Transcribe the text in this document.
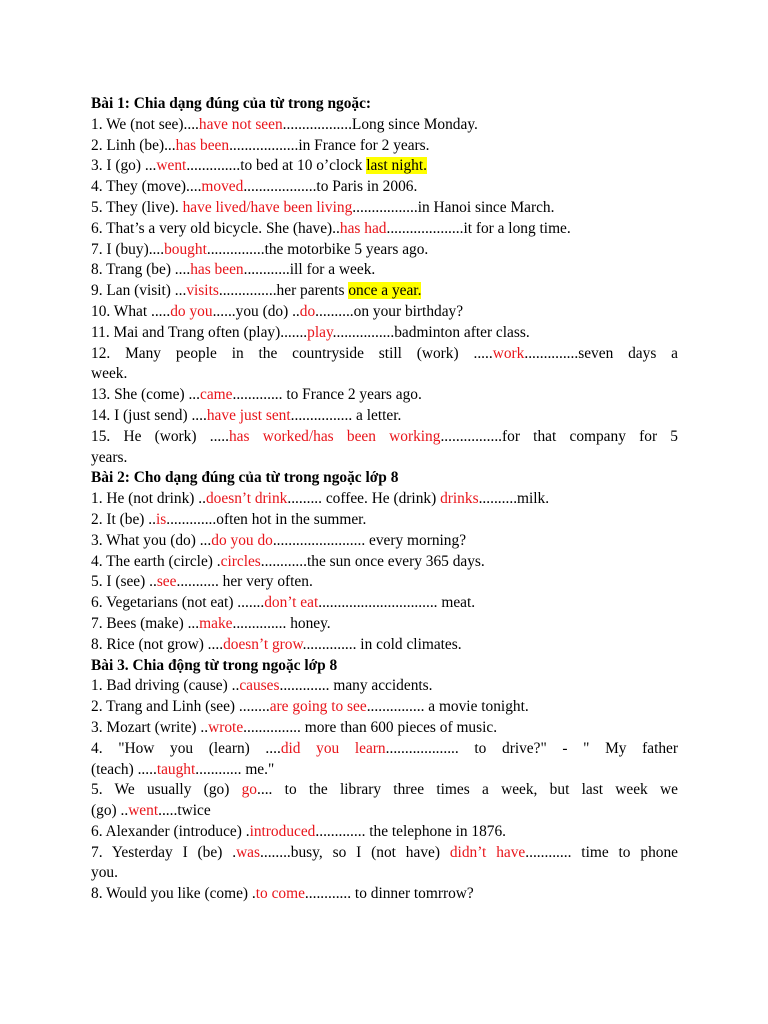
Bài 1: Chia dạng đúng của từ trong ngoặc:
1. We (not see)....have not seen..................Long since Monday.
2. Linh (be)...has been..................in France for 2 years.
3. I (go) ...went..............to bed at 10 o’clock last night.
4. They (move)....moved...................to Paris in 2006.
5. They (live). have lived/have been living.................in Hanoi since March.
6. That’s a very old bicycle. She (have)..has had....................it for a long time.
7. I (buy)....bought...............the motorbike 5 years ago.
8. Trang (be) ....has been............ill for a week.
9. Lan (visit) ...visits...............her parents once a year.
10. What .....do you......you (do) ..do..........on your birthday?
11. Mai and Trang often (play).......play................badminton after class.
12. Many people in the countryside still (work) .....work..............seven days a
week.
13. She (come) ...came............. to France 2 years ago.
14. I (just send) ....have just sent................ a letter.
15. He (work) .....has worked/has been working................for that company for 5
years.
Bài 2: Cho dạng đúng của từ trong ngoặc lớp 8
1. He (not drink) ..doesn’t drink......... coffee. He (drink) drinks..........milk.
2. It (be) ..is.............often hot in the summer.
3. What you (do) ...do you do........................ every morning?
4. The earth (circle) .circles............the sun once every 365 days.
5. I (see) ..see........... her very often.
6. Vegetarians (not eat) .......don’t eat............................... meat.
7. Bees (make) ...make.............. honey.
8. Rice (not grow) ....doesn’t grow.............. in cold climates.
Bài 3. Chia động từ trong ngoặc lớp 8
1. Bad driving (cause) ..causes............. many accidents.
2. Trang and Linh (see) ........are going to see............... a movie tonight.
3. Mozart (write) ..wrote............... more than 600 pieces of music.
4. "How you (learn) ....did you learn................... to drive?" - " My father
(teach) .....taught............ me."
5. We usually (go) go.... to the library three times a week, but last week we
(go) ..went.....twice
6. Alexander (introduce) .introduced............. the telephone in 1876.
7. Yesterday I (be) .was........busy, so I (not have) didn’t have............ time to phone
you.
8. Would you like (come) .to come............ to dinner tomrrow?
